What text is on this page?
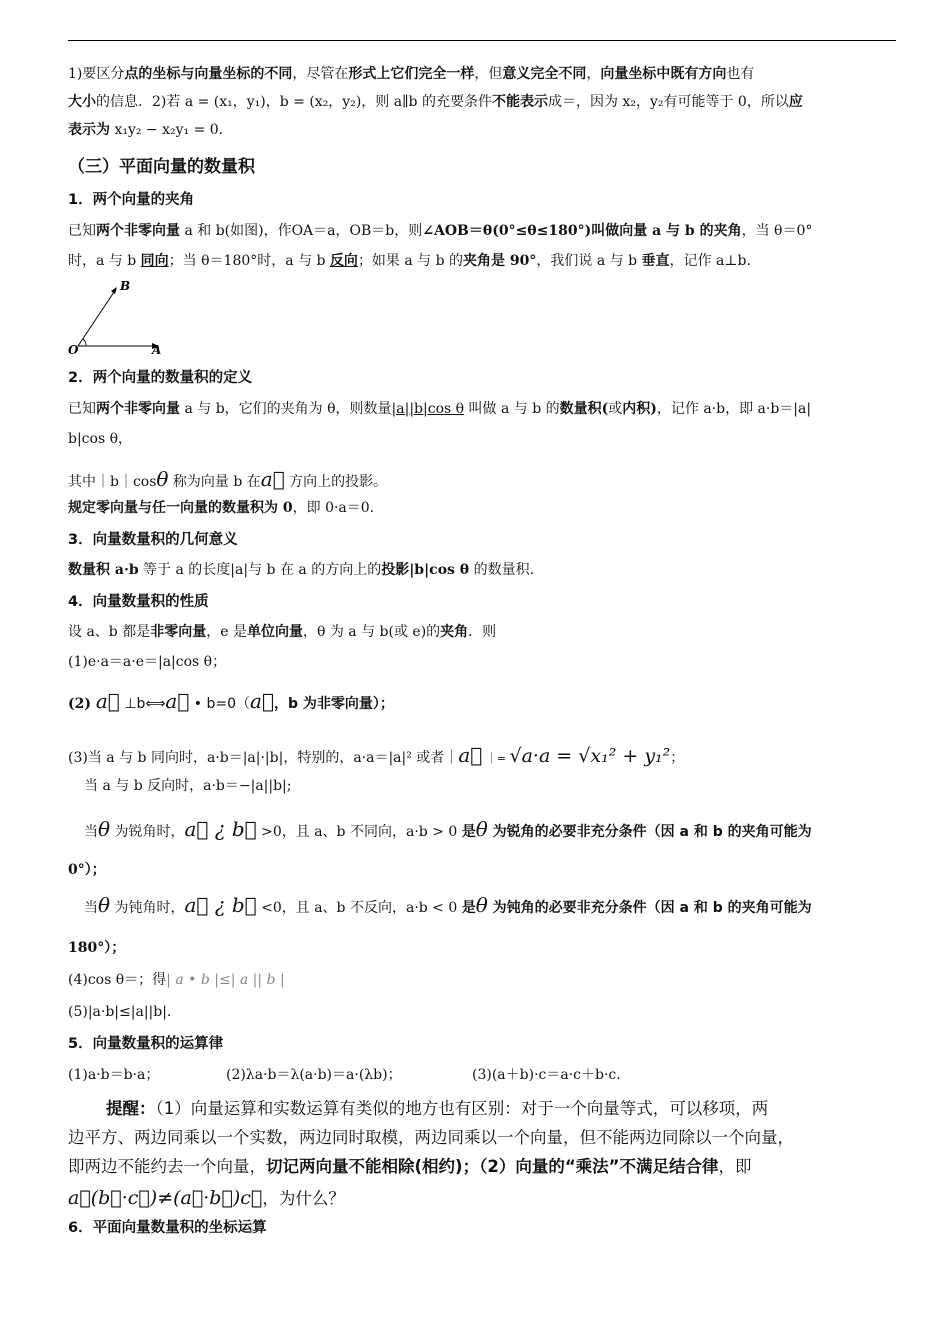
1)要区分点的坐标与向量坐标的不同，尽管在形式上它们完全一样，但意义完全不同，向量坐标中既有方向也有
大小的信息．2)若 a = (x₁，y₁)，b = (x₂，y₂)，则 a∥b 的充要条件不能表示成＝，因为 x₂，y₂有可能等于 0，所以应
表示为 x₁y₂ − x₂y₁ = 0.
（三）平面向量的数量积
1．两个向量的夹角
已知两个非零向量 a 和 b(如图)，作OA＝a，OB＝b，则∠AOB＝θ(0°≤θ≤180°)叫做向量 a 与 b 的夹角，当 θ＝0°
时，a 与 b 同向；当 θ＝180°时，a 与 b 反向；如果 a 与 b 的夹角是 90°，我们说 a 与 b 垂直，记作 a⊥b.
O	A
B
2．两个向量的数量积的定义
已知两个非零向量 a 与 b，它们的夹角为 θ，则数量|a||b|cos θ 叫做 a 与 b 的数量积(或内积)，记作 a·b，即 a·b＝|a|
b|cos θ，
其中｜b｜cosθ 称为向量 b 在a⃗ 方向上的投影。
规定零向量与任一向量的数量积为 0，即 0·a＝0.
3．向量数量积的几何意义
数量积 a·b 等于 a 的长度|a|与 b 在 a 的方向上的投影|b|cos θ 的数量积.
4．向量数量积的性质
设 a、b 都是非零向量，e 是单位向量，θ 为 a 与 b(或 e)的夹角．则
(1)e·a＝a·e＝|a|cos θ；
(2) a⃗ ⊥b⟺a⃗ • b=0（a⃗，b 为非零向量）；
(3)当 a 与 b 同向时，a·b＝|a|·|b|，特别的，a·a＝|a|² 或者｜a⃗ ｜= √a·a = √x₁² + y₁²；
当 a 与 b 反向时，a·b＝−|a||b|;
当θ 为锐角时，a⃗ ¿ b⃗ >0，且 a、b 不同向，a·b > 0 是θ 为锐角的必要非充分条件（因 a 和 b 的夹角可能为
0°）；
当θ 为钝角时，a⃗ ¿ b⃗ <0，且 a、b 不反向，a·b < 0 是θ 为钝角的必要非充分条件（因 a 和 b 的夹角可能为
180°）；
(4)cos θ＝；得| a • b |≤| a || b |
(5)|a·b|≤|a||b|.
5．向量数量积的运算律
(1)a·b＝b·a；	(2)λa·b＝λ(a·b)＝a·(λb)；	(3)(a＋b)·c＝a·c＋b·c.
提醒：（1）向量运算和实数运算有类似的地方也有区别：对于一个向量等式，可以移项，两
边平方、两边同乘以一个实数，两边同时取模，两边同乘以一个向量，但不能两边同除以一个向量，
即两边不能约去一个向量，切记两向量不能相除(相约)；（2）向量的“乘法”不满足结合律，即
a⃗(b⃗·c⃗)≠(a⃗·b⃗)c⃗，为什么？
6．平面向量数量积的坐标运算
